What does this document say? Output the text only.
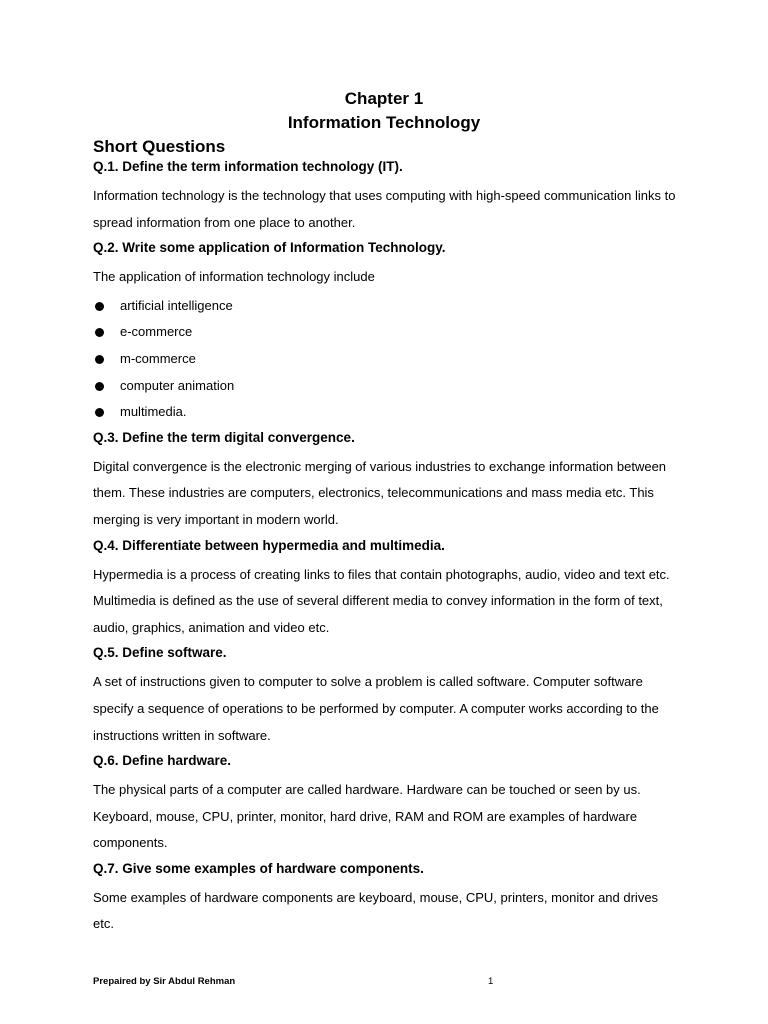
Chapter 1
Information Technology
Short Questions

Q.1. Define the term information technology (IT).

Information technology is the technology that uses computing with high-speed communication links to spread information from one place to another.

Q.2. Write some application of Information Technology.

The application of information technology include

artificial intelligence
e-commerce
m-commerce
computer animation
multimedia.

Q.3. Define the term digital convergence.

Digital convergence is the electronic merging of various industries to exchange information between them. These industries are computers, electronics, telecommunications and mass media etc. This merging is very important in modern world.

Q.4. Differentiate between hypermedia and multimedia.

Hypermedia is a process of creating links to files that contain photographs, audio, video and text etc. Multimedia is defined as the use of several different media to convey information in the form of text, audio, graphics, animation and video etc.

Q.5. Define software.

A set of instructions given to computer to solve a problem is called software. Computer software specify a sequence of operations to be performed by computer. A computer works according to the instructions written in software.

Q.6. Define hardware.

The physical parts of a computer are called hardware. Hardware can be touched or seen by us. Keyboard, mouse, CPU, printer, monitor, hard drive, RAM and ROM are examples of hardware components.

Q.7. Give some examples of hardware components.

Some examples of hardware components are keyboard, mouse, CPU, printers, monitor and drives etc.

Prepaired by Sir Abdul Rehman	1
